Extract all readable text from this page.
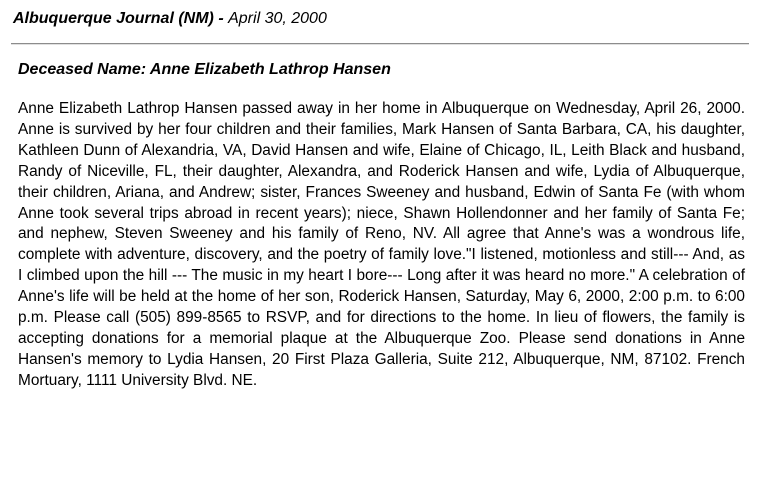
Albuquerque Journal (NM) - April 30, 2000
Deceased Name: Anne Elizabeth Lathrop Hansen
Anne Elizabeth Lathrop Hansen passed away in her home in Albuquerque on Wednesday, April 26, 2000. Anne is survived by her four children and their families, Mark Hansen of Santa Barbara, CA, his daughter, Kathleen Dunn of Alexandria, VA, David Hansen and wife, Elaine of Chicago, IL, Leith Black and husband, Randy of Niceville, FL, their daughter, Alexandra, and Roderick Hansen and wife, Lydia of Albuquerque, their children, Ariana, and Andrew; sister, Frances Sweeney and husband, Edwin of Santa Fe (with whom Anne took several trips abroad in recent years); niece, Shawn Hollendonner and her family of Santa Fe; and nephew, Steven Sweeney and his family of Reno, NV. All agree that Anne's was a wondrous life, complete with adventure, discovery, and the poetry of family love."I listened, motionless and still--- And, as I climbed upon the hill --- The music in my heart I bore--- Long after it was heard no more." A celebration of Anne's life will be held at the home of her son, Roderick Hansen, Saturday, May 6, 2000, 2:00 p.m. to 6:00 p.m. Please call (505) 899-8565 to RSVP, and for directions to the home. In lieu of flowers, the family is accepting donations for a memorial plaque at the Albuquerque Zoo. Please send donations in Anne Hansen's memory to Lydia Hansen, 20 First Plaza Galleria, Suite 212, Albuquerque, NM, 87102. French Mortuary, 1111 University Blvd. NE.
